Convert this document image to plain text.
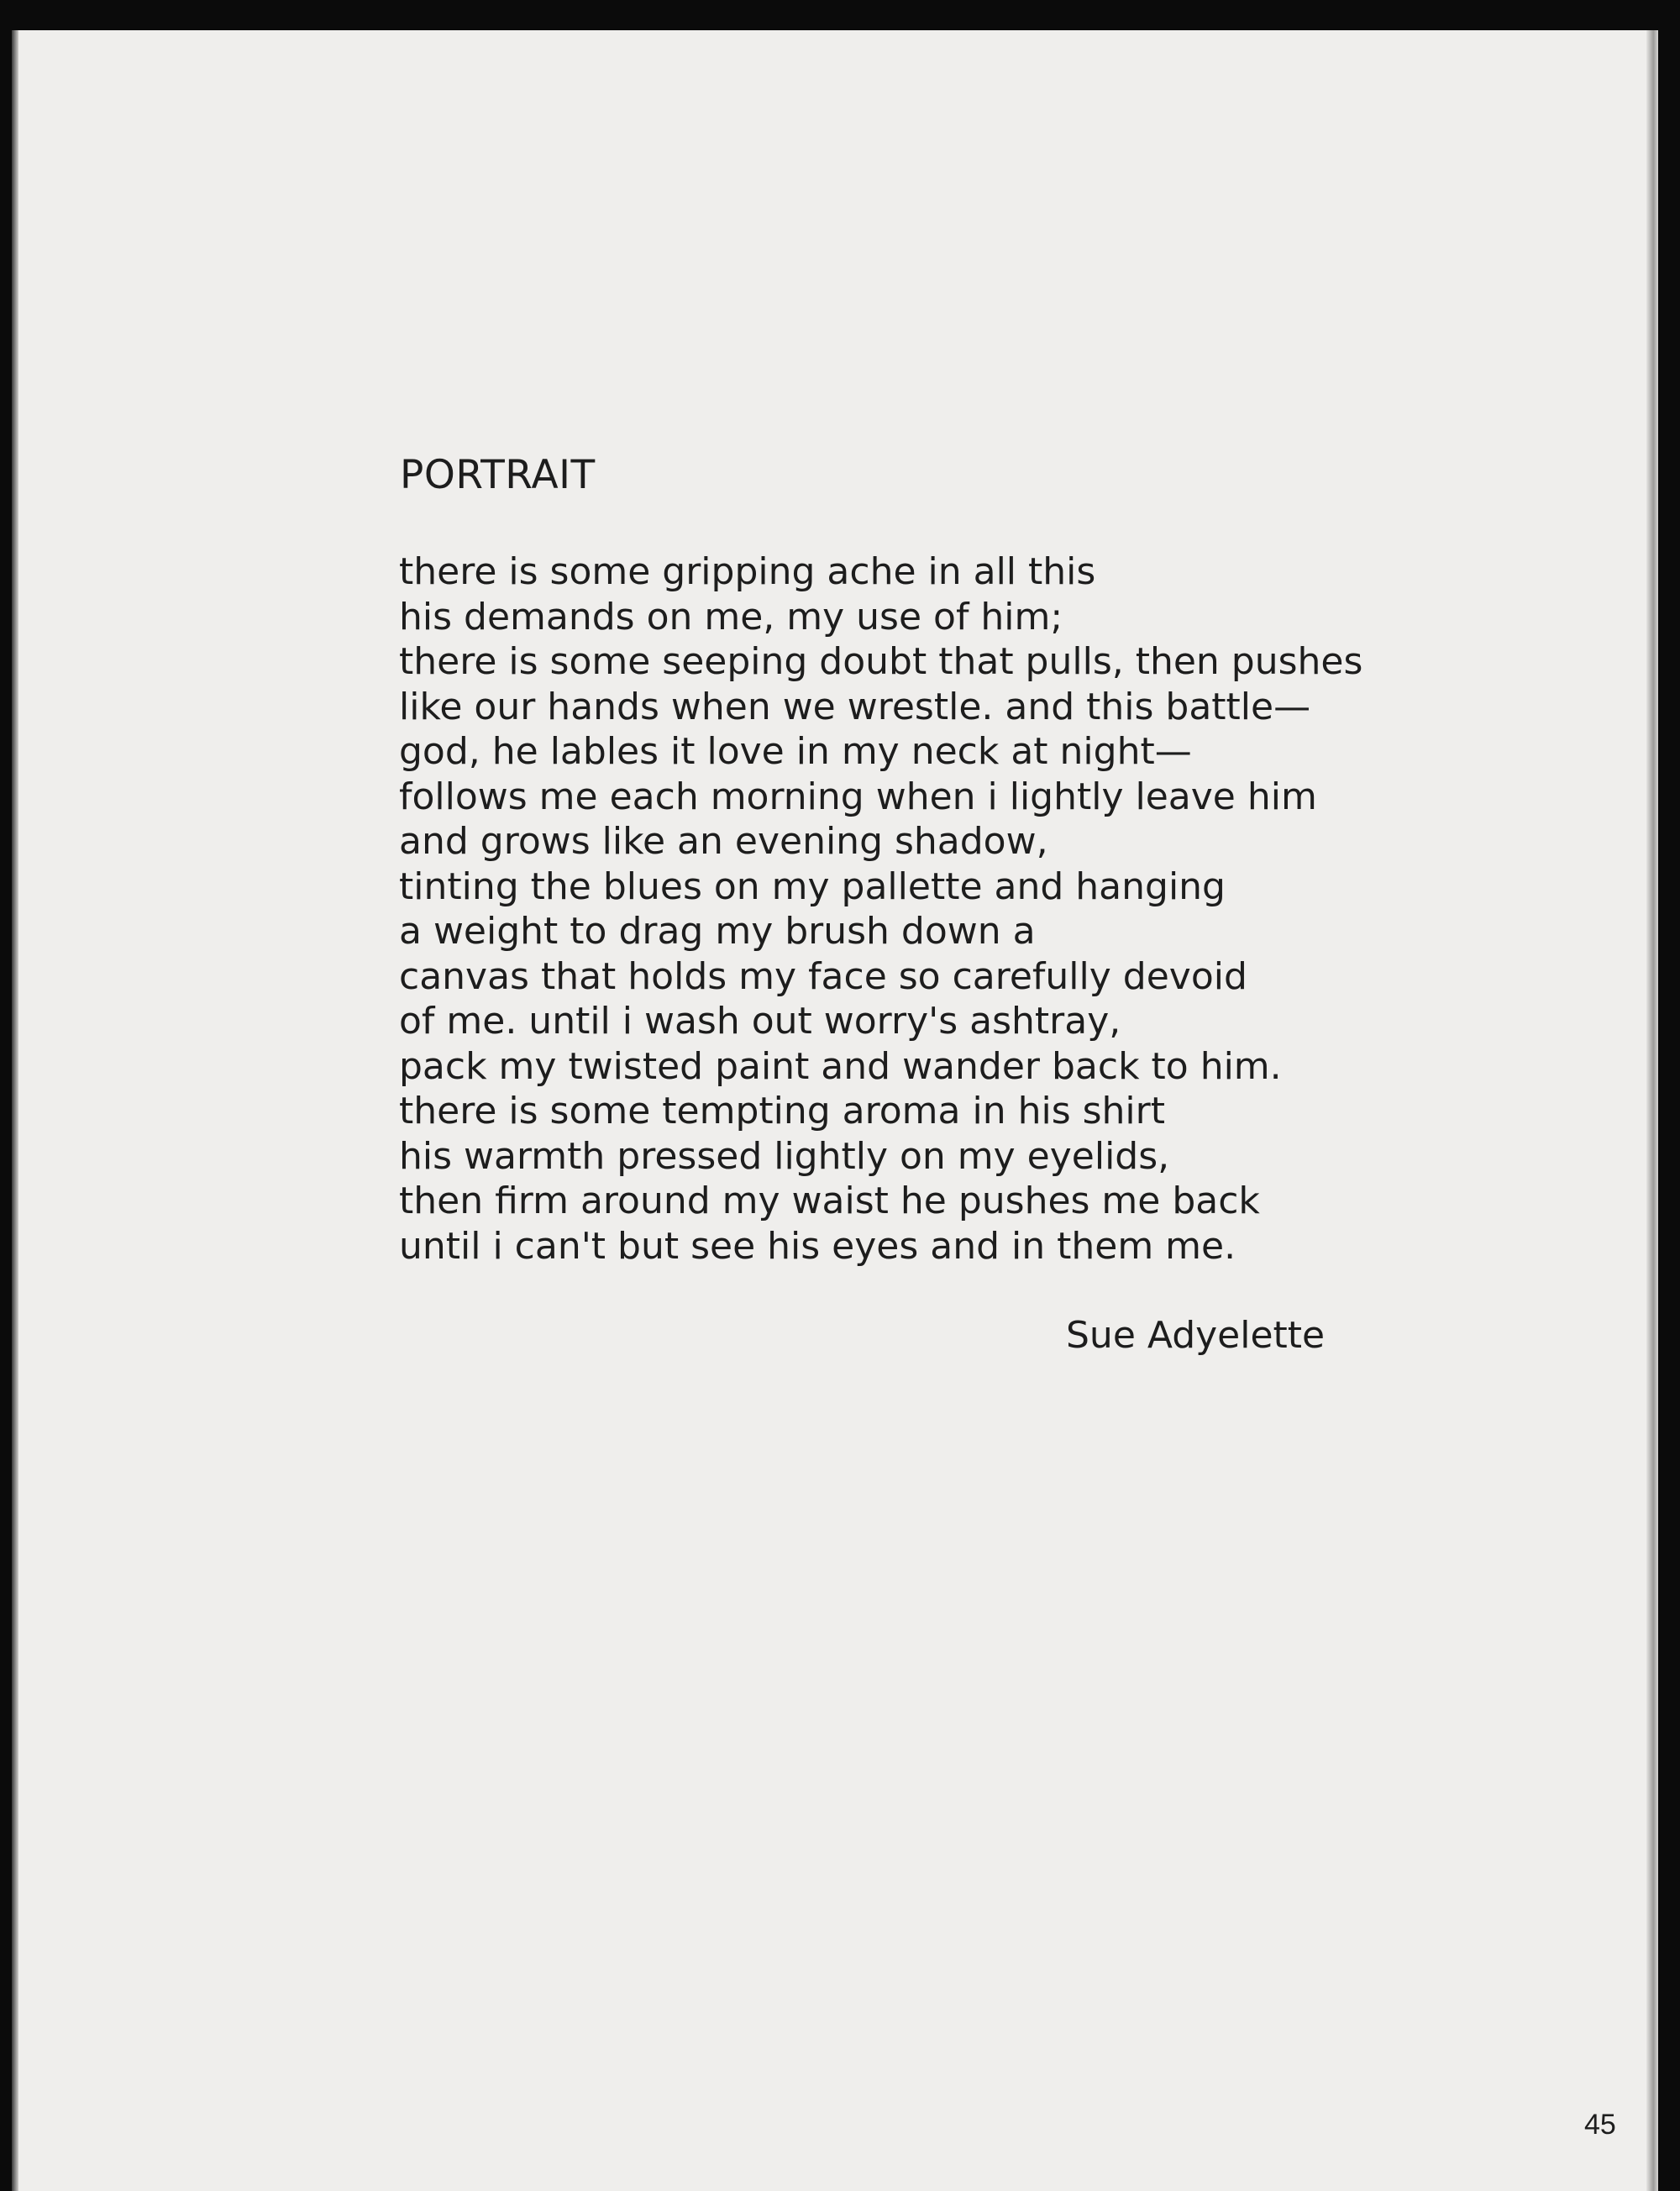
PORTRAIT
there is some gripping ache in all this
his demands on me, my use of him;
there is some seeping doubt that pulls, then pushes
like our hands when we wrestle. and this battle—
god, he lables it love in my neck at night—
follows me each morning when i lightly leave him
and grows like an evening shadow,
tinting the blues on my pallette and hanging
a weight to drag my brush down a
canvas that holds my face so carefully devoid
of me. until i wash out worry's ashtray,
pack my twisted paint and wander back to him.
there is some tempting aroma in his shirt
his warmth pressed lightly on my eyelids,
then firm around my waist he pushes me back
until i can't but see his eyes and in them me.
Sue Adyelette
45
